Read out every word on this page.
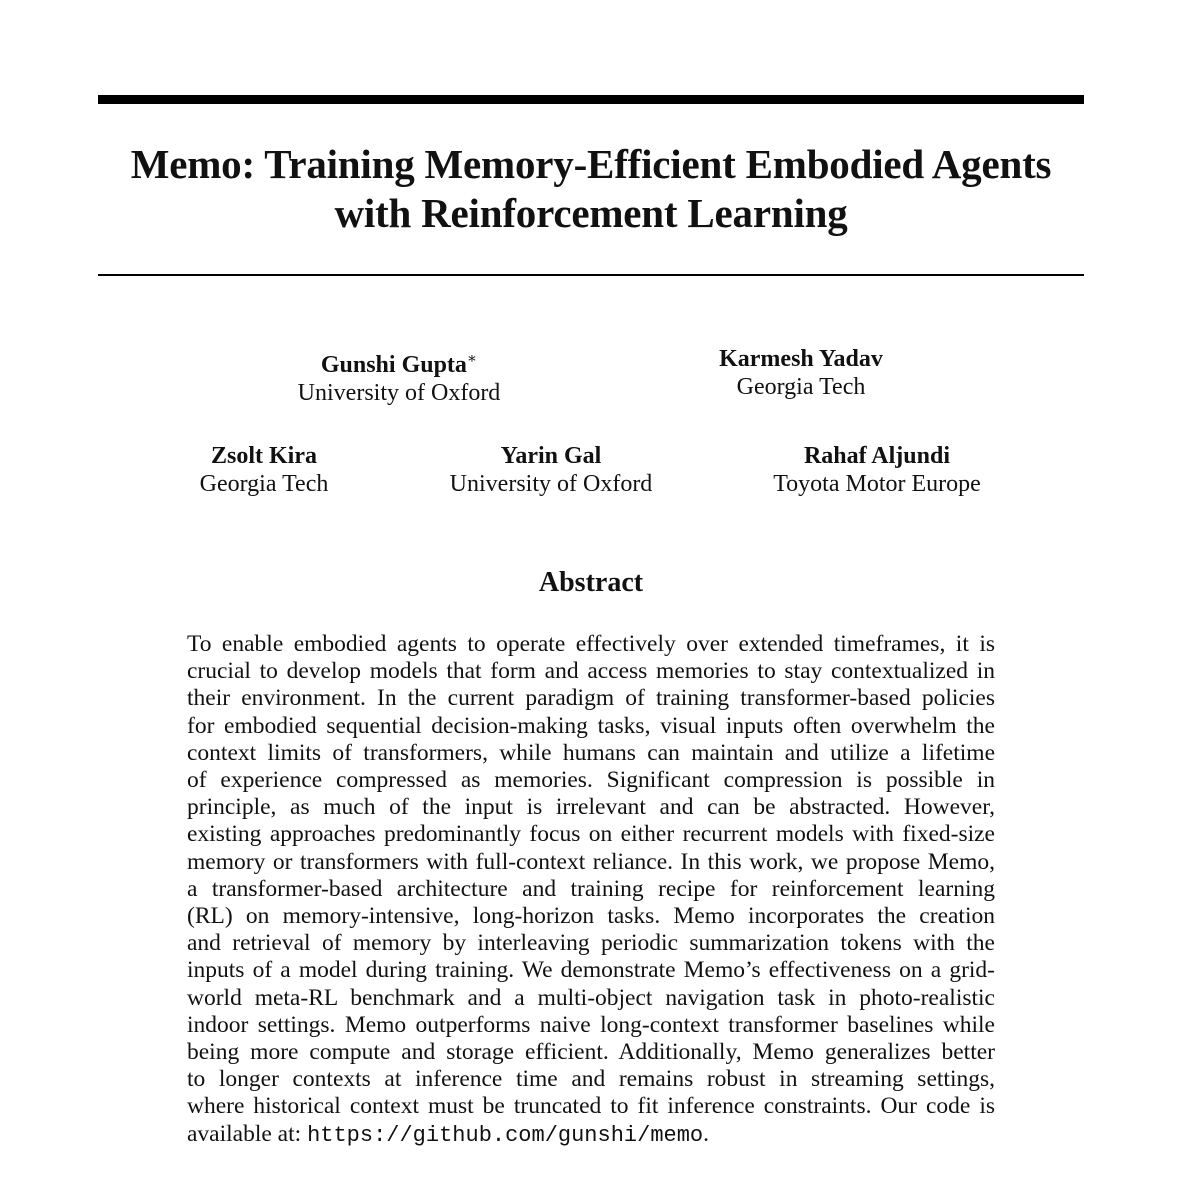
Memo: Training Memory-Efficient Embodied Agents
with Reinforcement Learning
Gunshi Gupta∗
University of Oxford
Karmesh Yadav
Georgia Tech
Zsolt Kira
Georgia Tech
Yarin Gal
University of Oxford
Rahaf Aljundi
Toyota Motor Europe
Abstract
To enable embodied agents to operate effectively over extended timeframes, it is
crucial to develop models that form and access memories to stay contextualized in
their environment. In the current paradigm of training transformer-based policies
for embodied sequential decision-making tasks, visual inputs often overwhelm the
context limits of transformers, while humans can maintain and utilize a lifetime
of experience compressed as memories. Significant compression is possible in
principle, as much of the input is irrelevant and can be abstracted. However,
existing approaches predominantly focus on either recurrent models with fixed-size
memory or transformers with full-context reliance. In this work, we propose Memo,
a transformer-based architecture and training recipe for reinforcement learning
(RL) on memory-intensive, long-horizon tasks. Memo incorporates the creation
and retrieval of memory by interleaving periodic summarization tokens with the
inputs of a model during training. We demonstrate Memo’s effectiveness on a grid-
world meta-RL benchmark and a multi-object navigation task in photo-realistic
indoor settings. Memo outperforms naive long-context transformer baselines while
being more compute and storage efficient. Additionally, Memo generalizes better
to longer contexts at inference time and remains robust in streaming settings,
where historical context must be truncated to fit inference constraints. Our code is
available at: https://github.com/gunshi/memo.
